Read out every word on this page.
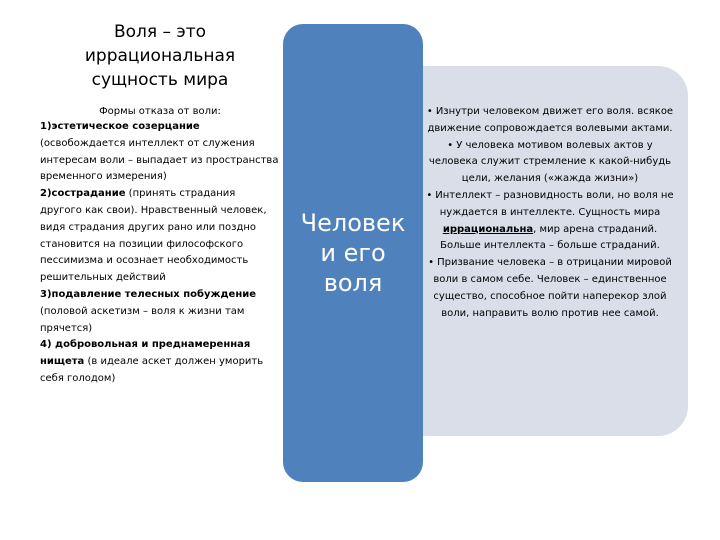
Воля – это
иррациональная
сущность мира
Формы отказа от воли:
1)эстетическое созерцание (освобождается интеллект от служения интересам воли – выпадает из пространства временного измерения)
2)сострадание (принять страдания другого как свои). Нравственный человек, видя страдания других рано или поздно становится на позиции философского пессимизма и осознает необходимость решительных действий
3)подавление телесных побуждение (половой аскетизм – воля к жизни там прячется)
4) добровольная и преднамеренная нищета (в идеале аскет должен уморить себя голодом)
• Изнутри человеком движет его воля. всякое движение сопровождается волевыми актами.
• У человека мотивом волевых актов у человека служит стремление к какой-нибудь цели, желания («жажда жизни»)
• Интеллект – разновидность воли, но воля не нуждается в интеллекте. Сущность мира иррациональна, мир арена страданий. Больше интеллекта – больше страданий.
• Призвание человека – в отрицании мировой воли в самом себе. Человек – единственное существо, способное пойти наперекор злой воли, направить волю против нее самой.
Человек
и его
воля
